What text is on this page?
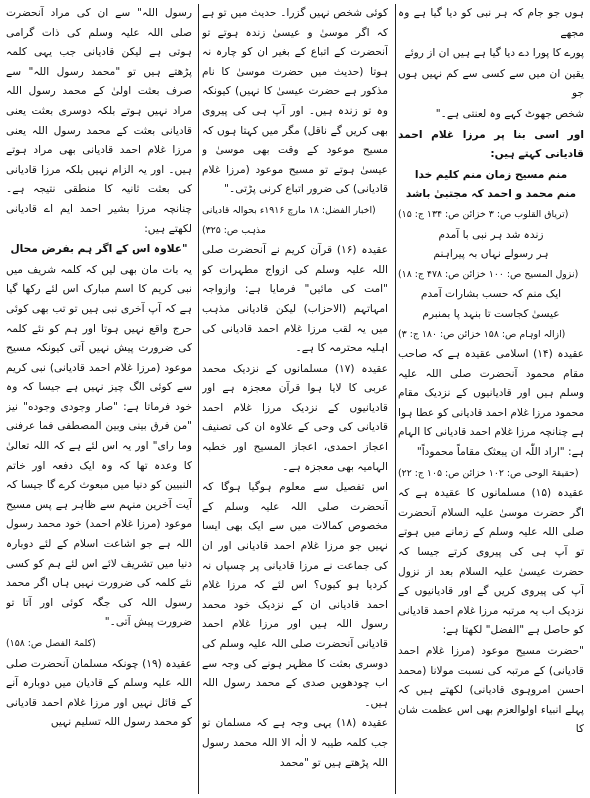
ہوں جو جام کہ ہر نبی کو دیا گیا ہے وہ مجھے

پورے کا پورا دے دیا گیا ہے ہیں ان از روئے

یقین ان میں سے کسی سے کم نہیں ہوں جو

شخص جھوٹ کہے وہ لعنتی ہے۔"

اور اسی بنا پر مرزا غلام احمد قادیانی کہتے ہیں:

منم مسیح زمان منم کلیم خدا

منم محمد و احمد کہ مجتبیٰ باشد

(تریاق القلوب ص: ۳ خزائن ص: ۱۳۴ ج: ۱۵)

زندہ شد ہر نبی با آمدم

ہر رسولے نہاں بہ پیراہنم

(نزول المسیح ص: ۱۰۰ خزائن ص: ۴۷۸ ج: ۱۸)

ایک منم کہ حسب بشارات آمدم

عیسیٰ کجاست تا بنہد پا بمنبرم

(ازالہ اوہام ص: ۱۵۸ خزائن ص: ۱۸۰ ج: ۳)

عقیدہ (۱۴) اسلامی عقیدہ ہے کہ صاحب مقام محمود آنحضرت صلی اللہ علیہ وسلم ہیں اور قادیانیوں کے نزدیک مقام محمود مرزا غلام احمد قادیانی کو عطا ہوا ہے چنانچہ مرزا غلام احمد قادیانی کا الہام ہے: "اراد اللّٰہ ان یبعثک مقاماً محموداً"

(حقیقۃ الوحی ص: ۱۰۲ خزائن ص: ۱۰۵ ج: ۲۲)

عقیدہ (۱۵) مسلمانوں کا عقیدہ ہے کہ اگر حضرت موسیٰ علیہ السلام آنحضرت صلی اللہ علیہ وسلم کے زمانے میں ہوتے تو آپ ہی کی پیروی کرتے جیسا کہ حضرت عیسیٰ علیہ السلام بعد از نزول آپ کی پیروی کریں گے اور قادیانیوں کے نزدیک اب یہ مرتبہ مرزا غلام احمد قادیانی کو حاصل ہے "الفضل" لکھتا ہے:

"حضرت مسیح موعود (مرزا غلام احمد قادیانی) کے مرتبہ کی نسبت مولانا (محمد احسن امروہوی قادیانی) لکھتے ہیں کہ پہلے انبیاء اولوالعزم بھی اس عظمت شان کا

کوئی شخص نہیں گزرا۔ حدیث میں تو ہے کہ اگر موسیٰ و عیسیٰ زندہ ہوتے تو آنحضرت کے اتباع کے بغیر ان کو چارہ نہ ہوتا (حدیث میں حضرت موسیٰ کا نام مذکور ہے حضرت عیسیٰ کا نہیں) کیونکہ وہ تو زندہ ہیں۔ اور آپ ہی کی پیروی بھی کریں گے ناقل) مگر میں کہتا ہوں کہ مسیح موعود کے وقت بھی موسیٰ و عیسیٰ ہوتے تو مسیح موعود (مرزا غلام قادیانی) کی ضرور اتباع کرنی پڑتی۔"

(اخبار الفضل: ۱۸ مارچ ۱۹۱۶ء بحوالہ قادیانی مذہب ص: ۳۲۵)

عقیدہ (۱۶) قرآن کریم نے آنحضرت صلی اللہ علیہ وسلم کی ازواج مطہرات کو "امت کی مائیں" فرمایا ہے: وازواجہ امہاتہم (الاحزاب) لیکن قادیانی مذہب میں یہ لقب مرزا غلام احمد قادیانی کی اہلیہ محترمہ کا ہے۔

عقیدہ (۱۷) مسلمانوں کے نزدیک محمد عربی کا لایا ہوا قرآن معجزہ ہے اور قادیانیوں کے نزدیک مرزا غلام احمد قادیانی کی وحی کے علاوہ ان کی تصنیف اعجاز احمدی، اعجاز المسیح اور خطبہ الہامیہ بھی معجزہ ہے۔

اس تفصیل سے معلوم ہوگیا ہوگا کہ آنحضرت صلی اللہ علیہ وسلم کے مخصوص کمالات میں سے ایک بھی ایسا نہیں جو مرزا غلام احمد قادیانی اور ان کی جماعت نے مرزا قادیانی پر چسپاں نہ کردیا ہو کیوں؟ اس لئے کہ مرزا غلام احمد قادیانی ان کے نزدیک خود محمد رسول اللہ ہیں اور مرزا غلام احمد قادیانی آنحضرت صلی اللہ علیہ وسلم کی دوسری بعثت کا مظہر ہونے کی وجہ سے اب چودھویں صدی کے محمد رسول اللہ ہیں۔

عقیدہ (۱۸) یہی وجہ ہے کہ مسلمان تو جب کلمہ طیبہ لا الٰہ الا اللہ محمد رسول اللہ پڑھتے ہیں تو "محمد

رسول اللہ" سے ان کی مراد آنحضرت صلی اللہ علیہ وسلم کی ذات گرامی ہوتی ہے لیکن قادیانی جب یہی کلمہ پڑھتے ہیں تو "محمد رسول اللہ" سے صرف بعثت اولیٰ کے محمد رسول اللہ مراد نہیں ہوتے بلکہ دوسری بعثت یعنی قادیانی بعثت کے محمد رسول اللہ یعنی مرزا غلام احمد قادیانی بھی مراد ہوتے ہیں۔ اور یہ الزام نہیں بلکہ مرزا قادیانی کی بعثت ثانیہ کا منطقی نتیجہ ہے۔ چنانچہ مرزا بشیر احمد ایم اے قادیانی لکھتے ہیں:

"علاوہ اس کے اگر ہم بفرض محال

یہ بات مان بھی لیں کہ کلمہ شریف میں نبی کریم کا اسم مبارک اس لئے رکھا گیا ہے کہ آپ آخری نبی ہیں تو تب بھی کوئی حرج واقع نہیں ہوتا اور ہم کو نئے کلمہ کی ضرورت پیش نہیں آتی کیونکہ مسیح موعود (مرزا غلام احمد قادیانی) نبی کریم سے کوئی الگ چیز نہیں ہے جیسا کہ وہ خود فرماتا ہے: "صار وجودی وجوده" نیز "من فرق بینی وبین المصطفی فما عرفنی وما رای" اور یہ اس لئے ہے کہ اللہ تعالیٰ کا وعدہ تھا کہ وہ ایک دفعہ اور خاتم النبیین کو دنیا میں مبعوث کرے گا جیسا کہ آیت آخرین منہم سے ظاہر ہے پس مسیح موعود (مرزا غلام احمد) خود محمد رسول اللہ ہے جو اشاعت اسلام کے لئے دوبارہ دنیا میں تشریف لائے اس لئے ہم کو کسی نئے کلمہ کی ضرورت نہیں ہاں اگر محمد رسول اللہ کی جگہ کوئی اور آتا تو ضرورت پیش آتی۔"

(کلمۃ الفصل ص: ۱۵۸)

عقیدہ (۱۹) چونکہ مسلمان آنحضرت صلی اللہ علیہ وسلم کے قادیان میں دوبارہ آنے کے قائل نہیں اور مرزا غلام احمد قادیانی کو محمد رسول اللہ تسلیم نہیں
